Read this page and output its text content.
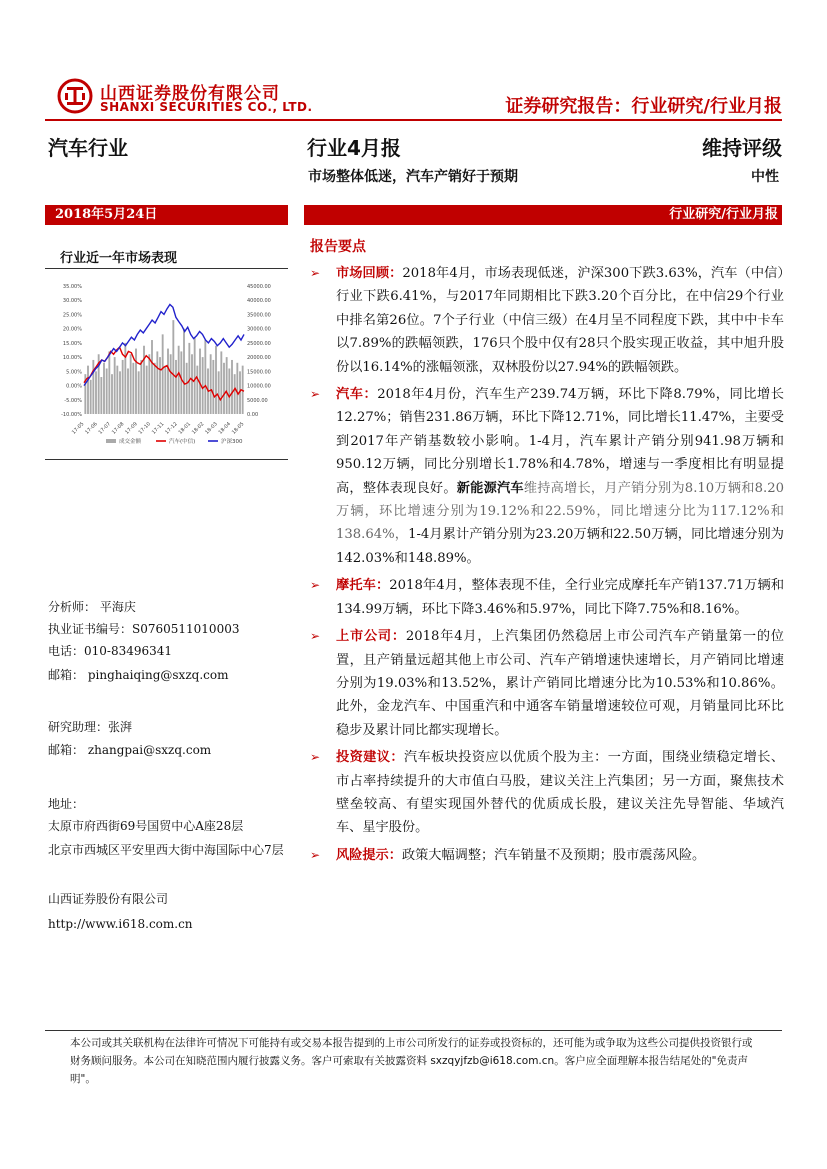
山西证券股份有限公司
SHANXI SECURITIES CO., LTD.	证券研究报告：行业研究/行业月报
汽车行业	行业4月报	维持评级
市场整体低迷，汽车产销好于预期	中性
2018年5月24日	行业研究/行业月报
行业近一年市场表现
35.00%
30.00%
25.00%
20.00%
15.00%
10.00%
5.00%
0.00%
-5.00%
-10.00%
45000.00
40000.00
35000.00
30000.00
25000.00
20000.00
15000.00
10000.00
5000.00
0.00
17-05
17-06
17-07
17-08
17-09
17-10
17-11
17-12
18-01
18-02
18-03
18-04
18-05
成交金额	汽车(中信)	沪深300
分析师： 平海庆
执业证书编号：S0760511010003
电话：010-83496341
邮箱： pinghaiqing@sxzq.com
研究助理：张湃
邮箱： zhangpai@sxzq.com
地址：
太原市府西街69号国贸中心A座28层
北京市西城区平安里西大街中海国际中心7层
山西证券股份有限公司
http://www.i618.com.cn
报告要点
➢ 市场回顾：2018年4月，市场表现低迷，沪深300下跌3.63%，汽车（中信）行业下跌6.41%，与2017年同期相比下跌3.20个百分比，在中信29个行业中排名第26位。7个子行业（中信三级）在4月呈不同程度下跌，其中中卡车以7.89%的跌幅领跌，176只个股中仅有28只个股实现正收益，其中旭升股份以16.14%的涨幅领涨，双林股份以27.94%的跌幅领跌。
➢ 汽车：2018年4月份，汽车生产239.74万辆，环比下降8.79%，同比增长12.27%；销售231.86万辆，环比下降12.71%，同比增长11.47%，主要受到2017年产销基数较小影响。1-4月，汽车累计产销分别941.98万辆和950.12万辆，同比分别增长1.78%和4.78%，增速与一季度相比有明显提高，整体表现良好。新能源汽车维持高增长，月产销分别为8.10万辆和8.20万辆，环比增速分别为19.12%和22.59%，同比增速分比为117.12%和138.64%，1-4月累计产销分别为23.20万辆和22.50万辆，同比增速分别为142.03%和148.89%。
➢ 摩托车：2018年4月，整体表现不佳，全行业完成摩托车产销137.71万辆和134.99万辆，环比下降3.46%和5.97%，同比下降7.75%和8.16%。
➢ 上市公司：2018年4月，上汽集团仍然稳居上市公司汽车产销量第一的位置，且产销量远超其他上市公司、汽车产销增速快速增长，月产销同比增速分别为19.03%和13.52%，累计产销同比增速分比为10.53%和10.86%。此外，金龙汽车、中国重汽和中通客车销量增速较位可观，月销量同比环比稳步及累计同比都实现增长。
➢ 投资建议：汽车板块投资应以优质个股为主：一方面，围绕业绩稳定增长、市占率持续提升的大市值白马股，建议关注上汽集团；另一方面，聚焦技术壁垒较高、有望实现国外替代的优质成长股，建议关注先导智能、华域汽车、星宇股份。
➢ 风险提示：政策大幅调整；汽车销量不及预期；股市震荡风险。
本公司或其关联机构在法律许可情况下可能持有或交易本报告提到的上市公司所发行的证券或投资标的，还可能为或争取为这些公司提供投资银行或
财务顾问服务。本公司在知晓范围内履行披露义务。客户可索取有关披露资料 sxzqyjfzb@i618.com.cn。客户应全面理解本报告结尾处的"免责声明"。
